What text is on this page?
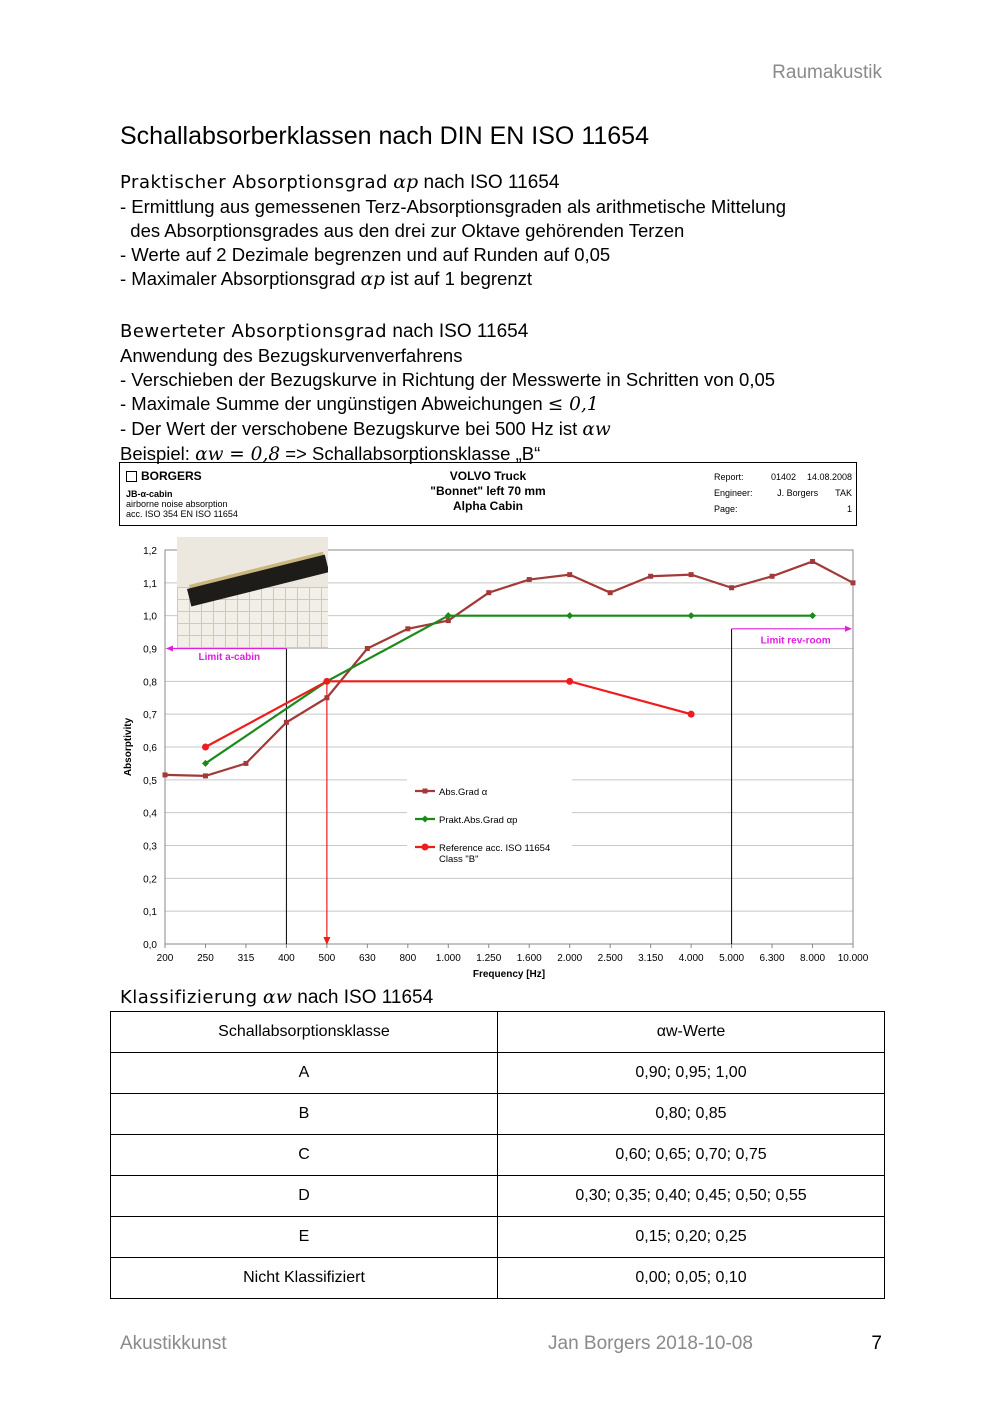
Raumakustik
Schallabsorberklassen nach DIN EN ISO 11654
Praktischer Absorptionsgrad αp nach ISO 11654
- Ermittlung aus gemessenen Terz-Absorptionsgraden als arithmetische Mittelung
des Absorptionsgrades aus den drei zur Oktave gehörenden Terzen
- Werte auf 2 Dezimale begrenzen und auf Runden auf 0,05
- Maximaler Absorptionsgrad αp ist auf 1 begrenzt
Bewerteter Absorptionsgrad nach ISO 11654
Anwendung des Bezugskurvenverfahrens
- Verschieben der Bezugskurve in Richtung der Messwerte in Schritten von 0,05
- Maximale Summe der ungünstigen Abweichungen ≤ 0,1
- Der Wert der verschobene Bezugskurve bei 500 Hz ist αw
Beispiel: αw = 0,8 => Schallabsorptionsklasse „B“
BORGERS
JB-α-cabin
airborne noise absorption
acc. ISO 354 EN ISO 11654
VOLVO Truck
"Bonnet" left 70 mm
Alpha Cabin
Report:	01402 14.08.2008
Engineer:	J. Borgers TAK
Page:	1
0,0
0,1
0,2
0,3
0,4
0,5
0,6
0,7
0,8
0,9
1,0
1,1
1,2
200 250 315 400 500 630 800 1.000 1.250 1.600 2.000 2.500 3.150 4.000 5.000 6.300 8.000 10.000
Frequency [Hz]
Absorptivity
Limit a-cabin
Limit rev-room
Abs.Grad α
Prakt.Abs.Grad αp
Reference acc. ISO 11654 Class "B"
Klassifizierung αw nach ISO 11654
Schallabsorptionsklasse	αw-Werte
A	0,90; 0,95; 1,00
B	0,80; 0,85
C	0,60; 0,65; 0,70; 0,75
D	0,30; 0,35; 0,40; 0,45; 0,50; 0,55
E	0,15; 0,20; 0,25
Nicht Klassifiziert	0,00; 0,05; 0,10
Akustikkunst	Jan Borgers 2018-10-08	7
